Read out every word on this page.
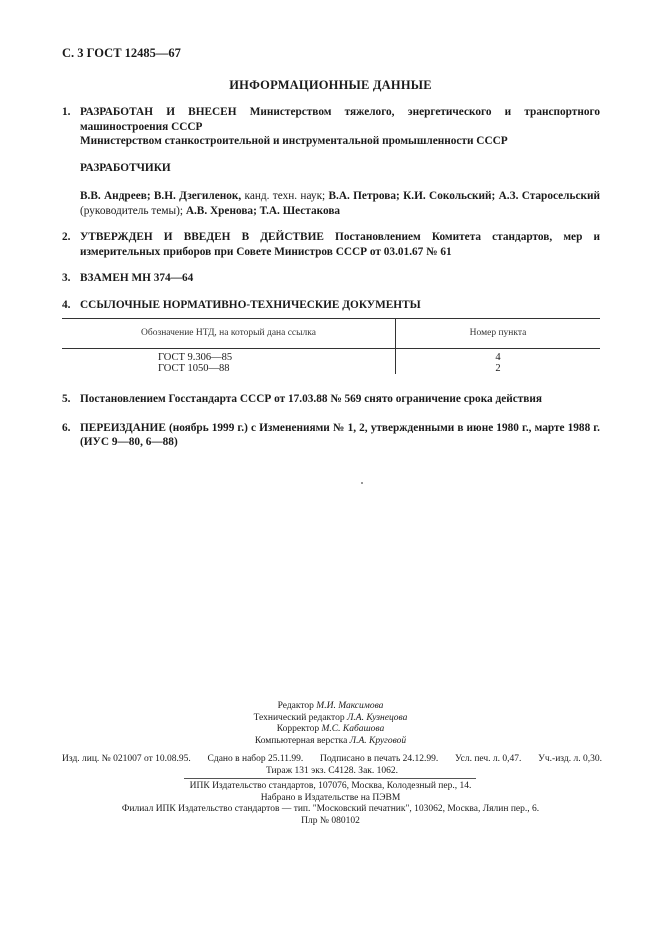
С. 3 ГОСТ 12485—67
ИНФОРМАЦИОННЫЕ ДАННЫЕ
1. РАЗРАБОТАН И ВНЕСЕН Министерством тяжелого, энергетического и транспортного машиностроения СССР
Министерством станкостроительной и инструментальной промышленности СССР
РАЗРАБОТЧИКИ
В.В. Андреев; В.Н. Дзегиленок, канд. техн. наук; В.А. Петрова; К.И. Сокольский; А.З. Старосельский (руководитель темы); А.В. Хренова; Т.А. Шестакова
2. УТВЕРЖДЕН И ВВЕДЕН В ДЕЙСТВИЕ Постановлением Комитета стандартов, мер и измерительных приборов при Совете Министров СССР от 03.01.67 № 61
3. ВЗАМЕН МН 374—64
4. ССЫЛОЧНЫЕ НОРМАТИВНО-ТЕХНИЧЕСКИЕ ДОКУМЕНТЫ
Обозначение НТД, на который дана ссылка	Номер пункта
ГОСТ 9.306—85	4
ГОСТ 1050—88	2
5. Постановлением Госстандарта СССР от 17.03.88 № 569 снято ограничение срока действия
6. ПЕРЕИЗДАНИЕ (ноябрь 1999 г.) с Изменениями № 1, 2, утвержденными в июне 1980 г., марте 1988 г. (ИУС 9—80, 6—88)
Редактор М.И. Максимова
Технический редактор Л.А. Кузнецова
Корректор М.С. Кабашова
Компьютерная верстка Л.А. Круговой
Изд. лиц. № 021007 от 10.08.95. Сдано в набор 25.11.99. Подписано в печать 24.12.99. Усл. печ. л. 0,47. Уч.-изд. л. 0,30.
Тираж 131 экз. С4128. Зак. 1062.
ИПК Издательство стандартов, 107076, Москва, Колодезный пер., 14.
Набрано в Издательстве на ПЭВМ
Филиал ИПК Издательство стандартов — тип. "Московский печатник", 103062, Москва, Лялин пер., 6.
Плр № 080102
